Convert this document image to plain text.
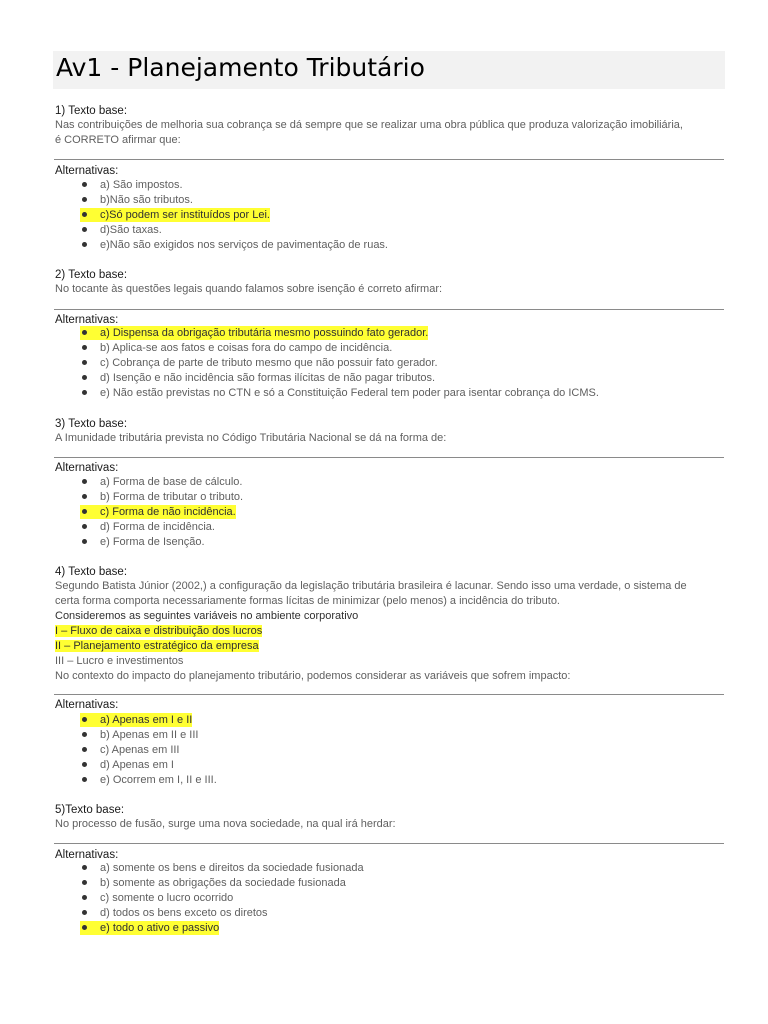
Av1 - Planejamento Tributário
1) Texto base:
Nas contribuições de melhoria sua cobrança se dá sempre que se realizar uma obra pública que produza valorização imobiliária,
é CORRETO afirmar que:
Alternativas:
a) São impostos.
b)Não são tributos.
c)Só podem ser instituídos por Lei.
d)São taxas.
e)Não são exigidos nos serviços de pavimentação de ruas.
2) Texto base:
No tocante às questões legais quando falamos sobre isenção é correto afirmar:
Alternativas:
a) Dispensa da obrigação tributária mesmo possuindo fato gerador.
b) Aplica-se aos fatos e coisas fora do campo de incidência.
c) Cobrança de parte de tributo mesmo que não possuir fato gerador.
d) Isenção e não incidência são formas ilícitas de não pagar tributos.
e) Não estão previstas no CTN e só a Constituição Federal tem poder para isentar cobrança do ICMS.
3) Texto base:
A Imunidade tributária prevista no Código Tributária Nacional se dá na forma de:
Alternativas:
a) Forma de base de cálculo.
b) Forma de tributar o tributo.
c) Forma de não incidência.
d) Forma de incidência.
e) Forma de Isenção.
4) Texto base:
Segundo Batista Júnior (2002,) a configuração da legislação tributária brasileira é lacunar. Sendo isso uma verdade, o sistema de
certa forma comporta necessariamente formas lícitas de minimizar (pelo menos) a incidência do tributo.
Consideremos as seguintes variáveis no ambiente corporativo
I – Fluxo de caixa e distribuição dos lucros
II – Planejamento estratégico da empresa
III – Lucro e investimentos
No contexto do impacto do planejamento tributário, podemos considerar as variáveis que sofrem impacto:
Alternativas:
a) Apenas em I e II
b) Apenas em II e III
c) Apenas em III
d) Apenas em I
e) Ocorrem em I, II e III.
5)Texto base:
No processo de fusão, surge uma nova sociedade, na qual irá herdar:
Alternativas:
a) somente os bens e direitos da sociedade fusionada
b) somente as obrigações da sociedade fusionada
c) somente o lucro ocorrido
d) todos os bens exceto os diretos
e) todo o ativo e passivo
